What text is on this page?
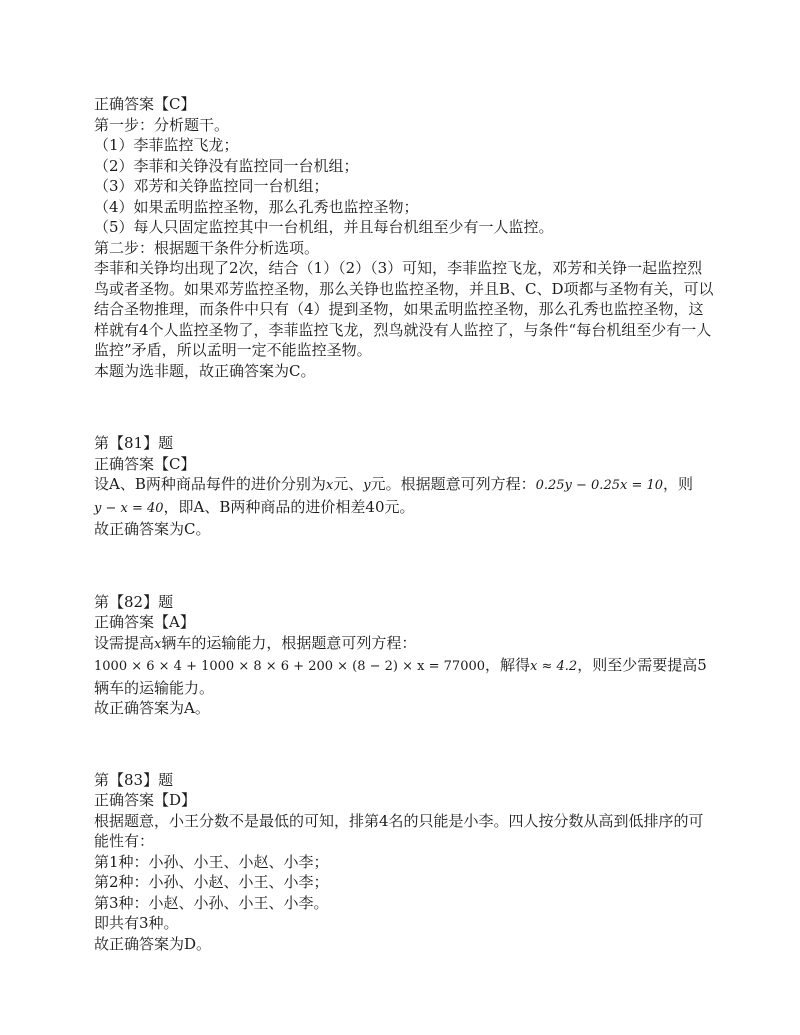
正确答案【C】
第一步：分析题干。
（1）李菲监控飞龙；
（2）李菲和关铮没有监控同一台机组；
（3）邓芳和关铮监控同一台机组；
（4）如果孟明监控圣物，那么孔秀也监控圣物；
（5）每人只固定监控其中一台机组，并且每台机组至少有一人监控。
第二步：根据题干条件分析选项。
李菲和关铮均出现了2次，结合（1）（2）（3）可知，李菲监控飞龙，邓芳和关铮一起监控烈鸟或者圣物。如果邓芳监控圣物，那么关铮也监控圣物，并且B、C、D项都与圣物有关，可以结合圣物推理，而条件中只有（4）提到圣物，如果孟明监控圣物，那么孔秀也监控圣物，这样就有4个人监控圣物了，李菲监控飞龙，烈鸟就没有人监控了，与条件“每台机组至少有一人监控”矛盾，所以孟明一定不能监控圣物。
本题为选非题，故正确答案为C。
第【81】题
正确答案【C】
设A、B两种商品每件的进价分别为x元、y元。根据题意可列方程：0.25y − 0.25x = 10，则
y − x = 40，即A、B两种商品的进价相差40元。
故正确答案为C。
第【82】题
正确答案【A】
设需提高x辆车的运输能力，根据题意可列方程：
1000 × 6 × 4 + 1000 × 8 × 6 + 200 × (8 − 2) × x = 77000，解得x ≈ 4.2，则至少需要提高5辆车的运输能力。
故正确答案为A。
第【83】题
正确答案【D】
根据题意，小王分数不是最低的可知，排第4名的只能是小李。四人按分数从高到低排序的可能性有：
第1种：小孙、小王、小赵、小李；
第2种：小孙、小赵、小王、小李；
第3种：小赵、小孙、小王、小李。
即共有3种。
故正确答案为D。
